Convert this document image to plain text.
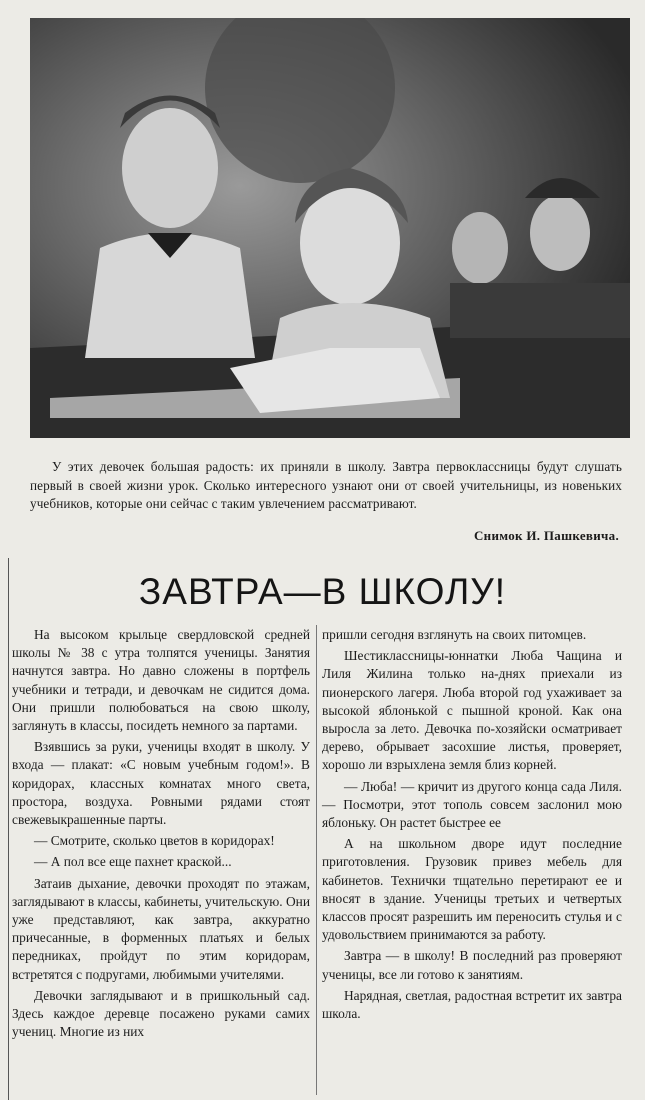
У этих девочек большая радость: их приняли в школу. Завтра первоклассницы будут слушать первый в своей жизни урок. Сколько интересного узнают они от своей учительницы, из новеньких учебников, которые они сейчас с таким увлечением рассматривают.
Снимок И. Пашкевича.
ЗАВТРА—В ШКОЛУ!

На высоком крыльце свердловской средней школы № 38 с утра толпятся ученицы. Занятия начнутся завтра. Но давно сложены в портфель учебники и тетради, и девочкам не сидится дома. Они пришли полюбоваться на свою школу, заглянуть в классы, посидеть немного за партами.

Взявшись за руки, ученицы входят в школу. У входа — плакат: «С новым учебным годом!». В коридорах, классных комнатах много света, простора, воздуха. Ровными рядами стоят свежевыкрашенные парты.

— Смотрите, сколько цветов в коридорах!

— А пол все еще пахнет краской...

Затаив дыхание, девочки проходят по этажам, заглядывают в классы, кабинеты, учительскую. Они уже представляют, как завтра, аккуратно причесанные, в форменных платьях и белых передниках, пройдут по этим коридорам, встретятся с подругами, любимыми учителями.

Девочки заглядывают и в пришкольный сад. Здесь каждое деревце посажено руками самих учениц. Многие из них

пришли сегодня взглянуть на своих питомцев.

Шестиклассницы-юннатки Люба Чащина и Лиля Жилина только на-днях приехали из пионерского лагеря. Люба второй год ухаживает за высокой яблонькой с пышной кроной. Как она выросла за лето. Девочка по-хозяйски осматривает дерево, обрывает засохшие листья, проверяет, хорошо ли взрыхлена земля близ корней.

— Люба! — кричит из другого конца сада Лиля. — Посмотри, этот тополь совсем заслонил мою яблоньку. Он растет быстрее ее

А на школьном дворе идут последние приготовления. Грузовик привез мебель для кабинетов. Технички тщательно перетирают ее и вносят в здание. Ученицы третьих и четвертых классов просят разрешить им переносить стулья и с удовольствием принимаются за работу.

Завтра — в школу! В последний раз проверяют ученицы, все ли готово к занятиям.

Нарядная, светлая, радостная встретит их завтра школа.
